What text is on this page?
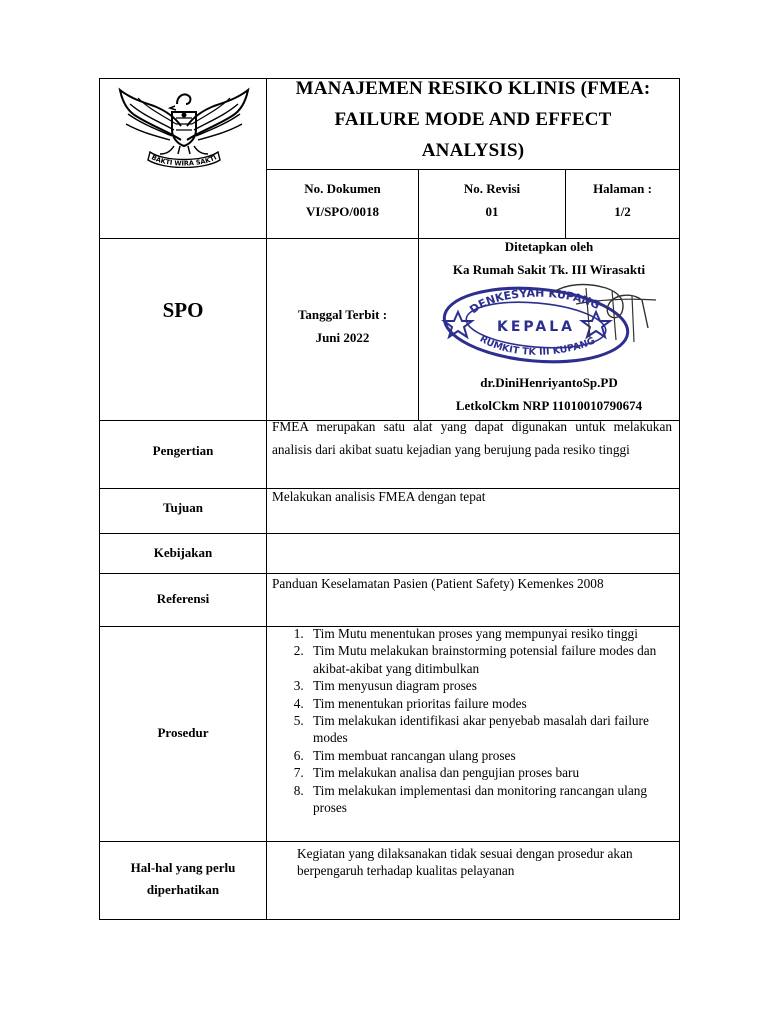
BAKTI WIRA SAKTI
MANAJEMEN RESIKO KLINIS (FMEA:
FAILURE MODE AND EFFECT
ANALYSIS)
No. Dokumen
VI/SPO/0018
No. Revisi
01
Halaman :
1/2
SPO	Tanggal Terbit :
Juni 2022
Ditetapkan oleh
Ka Rumah Sakit Tk. III Wirasakti
DENKESYAH KUPANG
RUMKIT TK III KUPANG
KEPALA
dr.DiniHenriyantoSp.PD
LetkolCkm NRP 11010010790674
Pengertian
FMEA merupakan satu alat yang dapat digunakan untuk melakukan analisis dari akibat suatu kejadian yang berujung pada resiko tinggi
Tujuan
Melakukan analisis FMEA dengan tepat
Kebijakan
Referensi
Panduan Keselamatan Pasien (Patient Safety) Kemenkes 2008
Prosedur
1. Tim Mutu menentukan proses yang mempunyai resiko tinggi
2. Tim Mutu melakukan brainstorming potensial failure modes dan akibat-akibat yang ditimbulkan
3. Tim menyusun diagram proses
4. Tim menentukan prioritas failure modes
5. Tim melakukan identifikasi akar penyebab masalah dari failure modes
6. Tim membuat rancangan ulang proses
7. Tim melakukan analisa dan pengujian proses baru
8. Tim melakukan implementasi dan monitoring rancangan ulang proses
Hal-hal yang perlu
diperhatikan
Kegiatan yang dilaksanakan tidak sesuai dengan prosedur akan berpengaruh terhadap kualitas pelayanan
